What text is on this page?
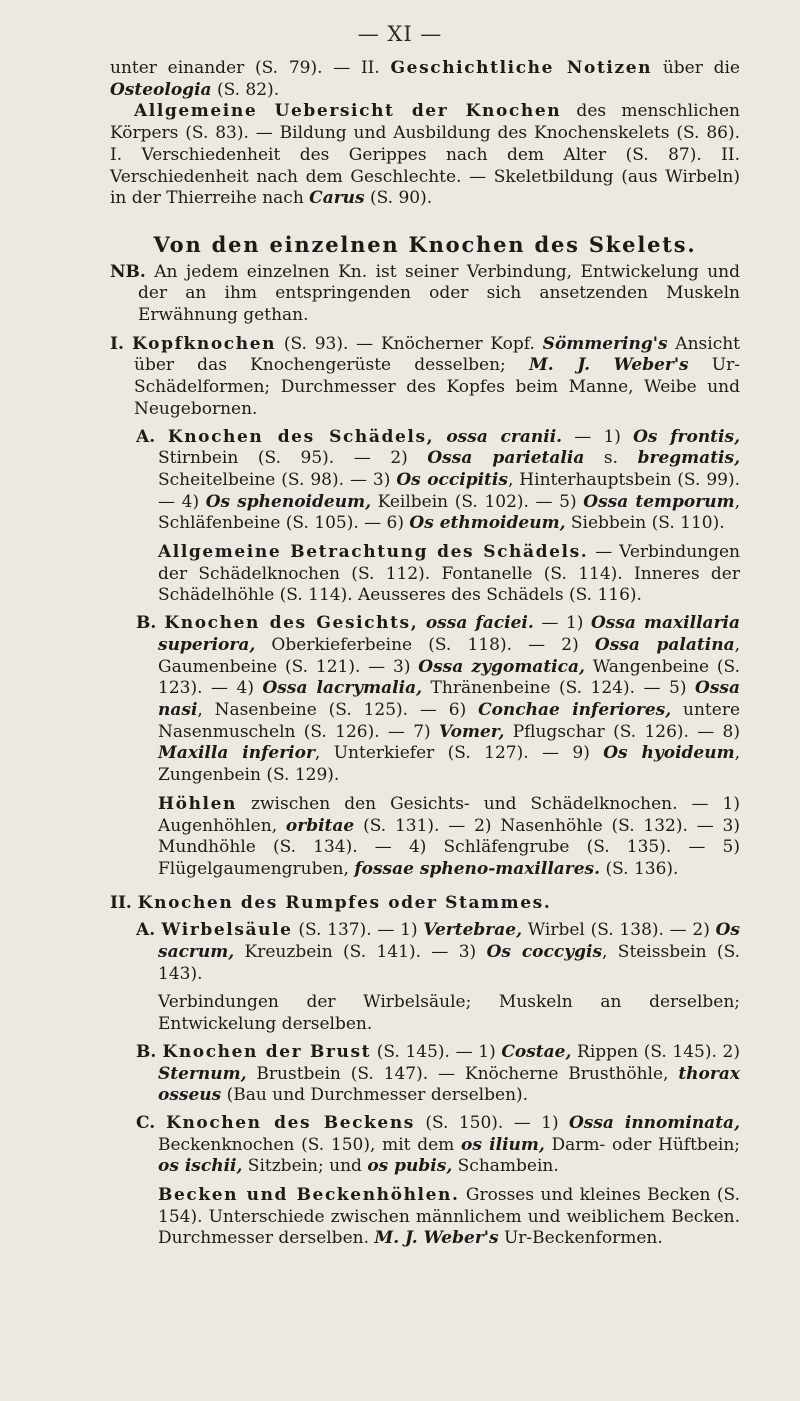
— XI —

unter einander (S. 79). — II. Geschichtliche Notizen über die Osteologia (S. 82).
Allgemeine Uebersicht der Knochen des menschlichen Körpers (S. 83). — Bildung und Ausbildung des Knochenskelets (S. 86). I. Verschiedenheit des Gerippes nach dem Alter (S. 87). II. Verschiedenheit nach dem Geschlechte. — Skeletbildung (aus Wirbeln) in der Thierreihe nach Carus (S. 90).

Von den einzelnen Knochen des Skelets.

NB. An jedem einzelnen Kn. ist seiner Verbindung, Entwickelung und der an ihm entspringenden oder sich ansetzenden Muskeln Erwähnung gethan.

I. Kopfknochen (S. 93). — Knöcherner Kopf. Sömmering's Ansicht über das Knochengerüste desselben; M. J. Weber's Ur-Schädelformen; Durchmesser des Kopfes beim Manne, Weibe und Neugebornen.

A. Knochen des Schädels, ossa cranii. — 1) Os frontis, Stirnbein (S. 95). — 2) Ossa parietalia s. bregmatis, Scheitelbeine (S. 98). — 3) Os occipitis, Hinterhauptsbein (S. 99). — 4) Os sphenoideum, Keilbein (S. 102). — 5) Ossa temporum, Schläfenbeine (S. 105). — 6) Os ethmoideum, Siebbein (S. 110).

Allgemeine Betrachtung des Schädels. — Verbindungen der Schädelknochen (S. 112). Fontanelle (S. 114). Inneres der Schädelhöhle (S. 114). Aeusseres des Schädels (S. 116).

B. Knochen des Gesichts, ossa faciei. — 1) Ossa maxillaria superiora, Oberkieferbeine (S. 118). — 2) Ossa palatina, Gaumenbeine (S. 121). — 3) Ossa zygomatica, Wangenbeine (S. 123). — 4) Ossa lacrymalia, Thränenbeine (S. 124). — 5) Ossa nasi, Nasenbeine (S. 125). — 6) Conchae inferiores, untere Nasenmuscheln (S. 126). — 7) Vomer, Pflugschar (S. 126). — 8) Maxilla inferior, Unterkiefer (S. 127). — 9) Os hyoideum, Zungenbein (S. 129).

Höhlen zwischen den Gesichts- und Schädelknochen. — 1) Augenhöhlen, orbitae (S. 131). — 2) Nasenhöhle (S. 132). — 3) Mundhöhle (S. 134). — 4) Schläfengrube (S. 135). — 5) Flügelgaumengruben, fossae spheno-maxillares. (S. 136).

II. Knochen des Rumpfes oder Stammes.

A. Wirbelsäule (S. 137). — 1) Vertebrae, Wirbel (S. 138). — 2) Os sacrum, Kreuzbein (S. 141). — 3) Os coccygis, Steissbein (S. 143).

Verbindungen der Wirbelsäule; Muskeln an derselben; Entwickelung derselben.

B. Knochen der Brust (S. 145). — 1) Costae, Rippen (S. 145). 2) Sternum, Brustbein (S. 147). — Knöcherne Brusthöhle, thorax osseus (Bau und Durchmesser derselben).

C. Knochen des Beckens (S. 150). — 1) Ossa innominata, Beckenknochen (S. 150), mit dem os ilium, Darm- oder Hüftbein; os ischii, Sitzbein; und os pubis, Schambein.

Becken und Beckenhöhlen. Grosses und kleines Becken (S. 154). Unterschiede zwischen männlichem und weiblichem Becken. Durchmesser derselben. M. J. Weber's Ur-Beckenformen.
